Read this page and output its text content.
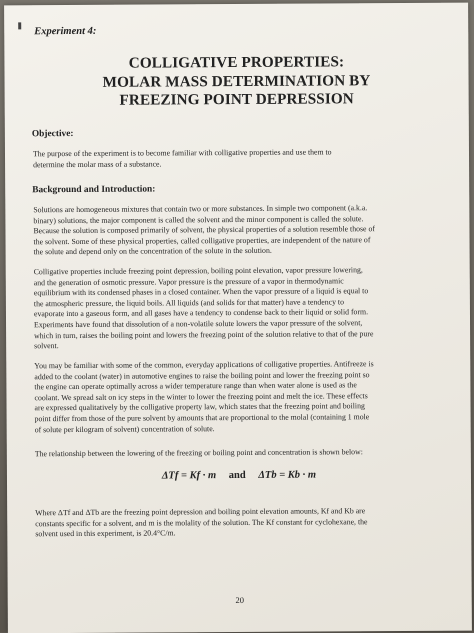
Experiment 4:
COLLIGATIVE PROPERTIES:
MOLAR MASS DETERMINATION BY
FREEZING POINT DEPRESSION
Objective:
The purpose of the experiment is to become familiar with colligative properties and use them to
determine the molar mass of a substance.
Background and Introduction:
Solutions are homogeneous mixtures that contain two or more substances. In simple two component (a.k.a.
binary) solutions, the major component is called the solvent and the minor component is called the solute.
Because the solution is composed primarily of solvent, the physical properties of a solution resemble those of
the solvent. Some of these physical properties, called colligative properties, are independent of the nature of
the solute and depend only on the concentration of the solute in the solution.
Colligative properties include freezing point depression, boiling point elevation, vapor pressure lowering,
and the generation of osmotic pressure. Vapor pressure is the pressure of a vapor in thermodynamic
equilibrium with its condensed phases in a closed container. When the vapor pressure of a liquid is equal to
the atmospheric pressure, the liquid boils. All liquids (and solids for that matter) have a tendency to
evaporate into a gaseous form, and all gases have a tendency to condense back to their liquid or solid form.
Experiments have found that dissolution of a non-volatile solute lowers the vapor pressure of the solvent,
which in turn, raises the boiling point and lowers the freezing point of the solution relative to that of the pure
solvent.
You may be familiar with some of the common, everyday applications of colligative properties. Antifreeze is
added to the coolant (water) in automotive engines to raise the boiling point and lower the freezing point so
the engine can operate optimally across a wider temperature range than when water alone is used as the
coolant. We spread salt on icy steps in the winter to lower the freezing point and melt the ice. These effects
are expressed qualitatively by the colligative property law, which states that the freezing point and boiling
point differ from those of the pure solvent by amounts that are proportional to the molal (containing 1 mole
of solute per kilogram of solvent) concentration of solute.
The relationship between the lowering of the freezing or boiling point and concentration is shown below:
ΔTf = Kf · m and ΔTb = Kb · m
Where ΔTf and ΔTb are the freezing point depression and boiling point elevation amounts, Kf and Kb are
constants specific for a solvent, and m is the molality of the solution. The Kf constant for cyclohexane, the
solvent used in this experiment, is 20.4°C/m.
20
